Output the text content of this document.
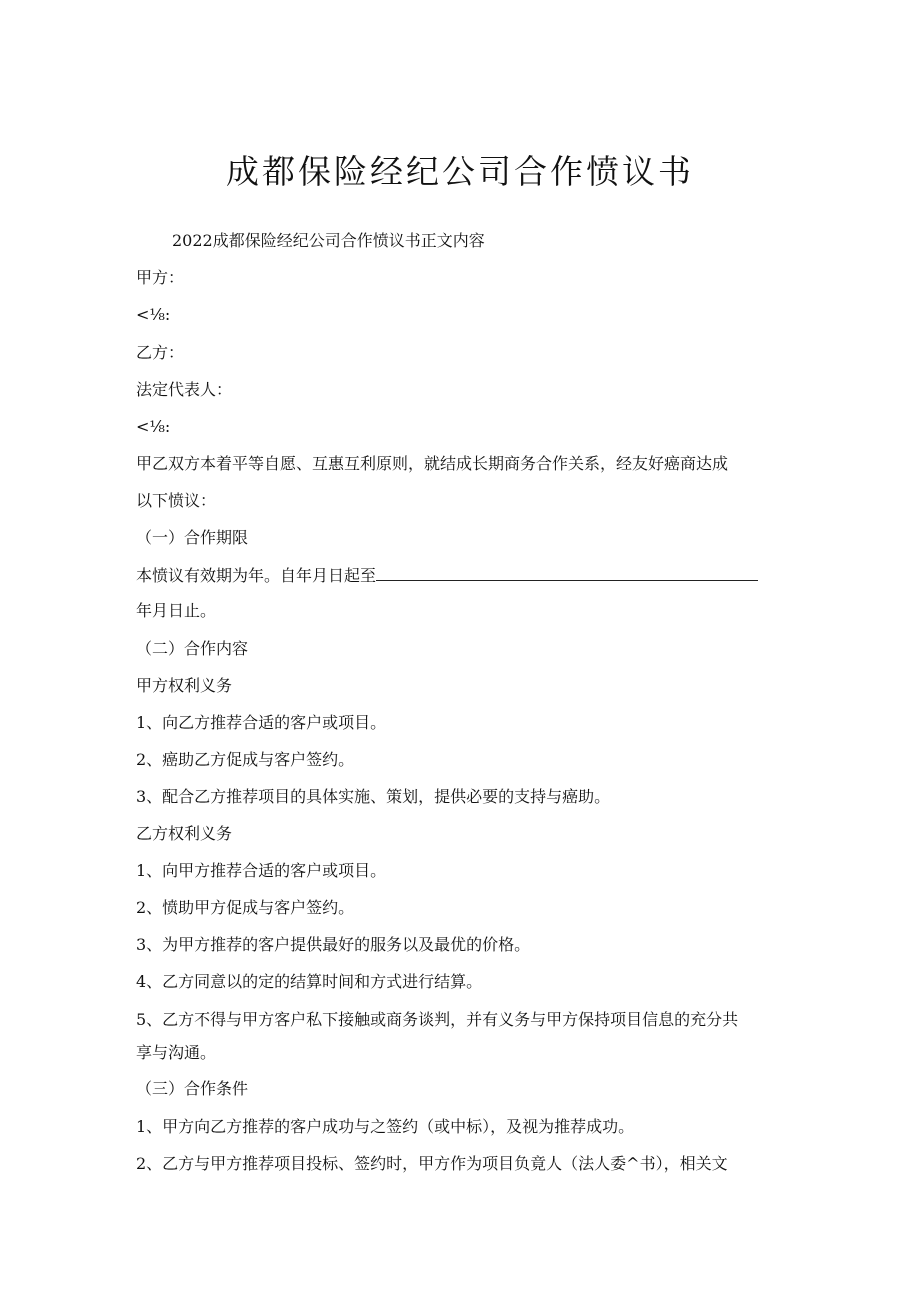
成都保险经纪公司合作愤议书
2022成都保险经纪公司合作愤议书正文内容
甲方：
<⅛:
乙方：
法定代表人：
<⅛:
甲乙双方本着平等自愿、互惠互利原则，就结成长期商务合作关系，经友好癌商达成
以下愤议：
（一）合作期限
本愤议有效期为年。自年月日起至
年月日止。
（二）合作内容
甲方权利义务
1、向乙方推荐合适的客户或项目。
2、癌助乙方促成与客户签约。
3、配合乙方推荐项目的具体实施、策划，提供必要的支持与癌助。
乙方权利义务
1、向甲方推荐合适的客户或项目。
2、愤助甲方促成与客户签约。
3、为甲方推荐的客户提供最好的服务以及最优的价格。
4、乙方同意以的定的结算时间和方式进行结算。
5、乙方不得与甲方客户私下接触或商务谈判，并有义务与甲方保持项目信息的充分共
享与沟通。
（三）合作条件
1、甲方向乙方推荐的客户成功与之签约（或中标），及视为推荐成功。
2、乙方与甲方推荐项目投标、签约时，甲方作为项目负竟人（法人委^书），相关文
